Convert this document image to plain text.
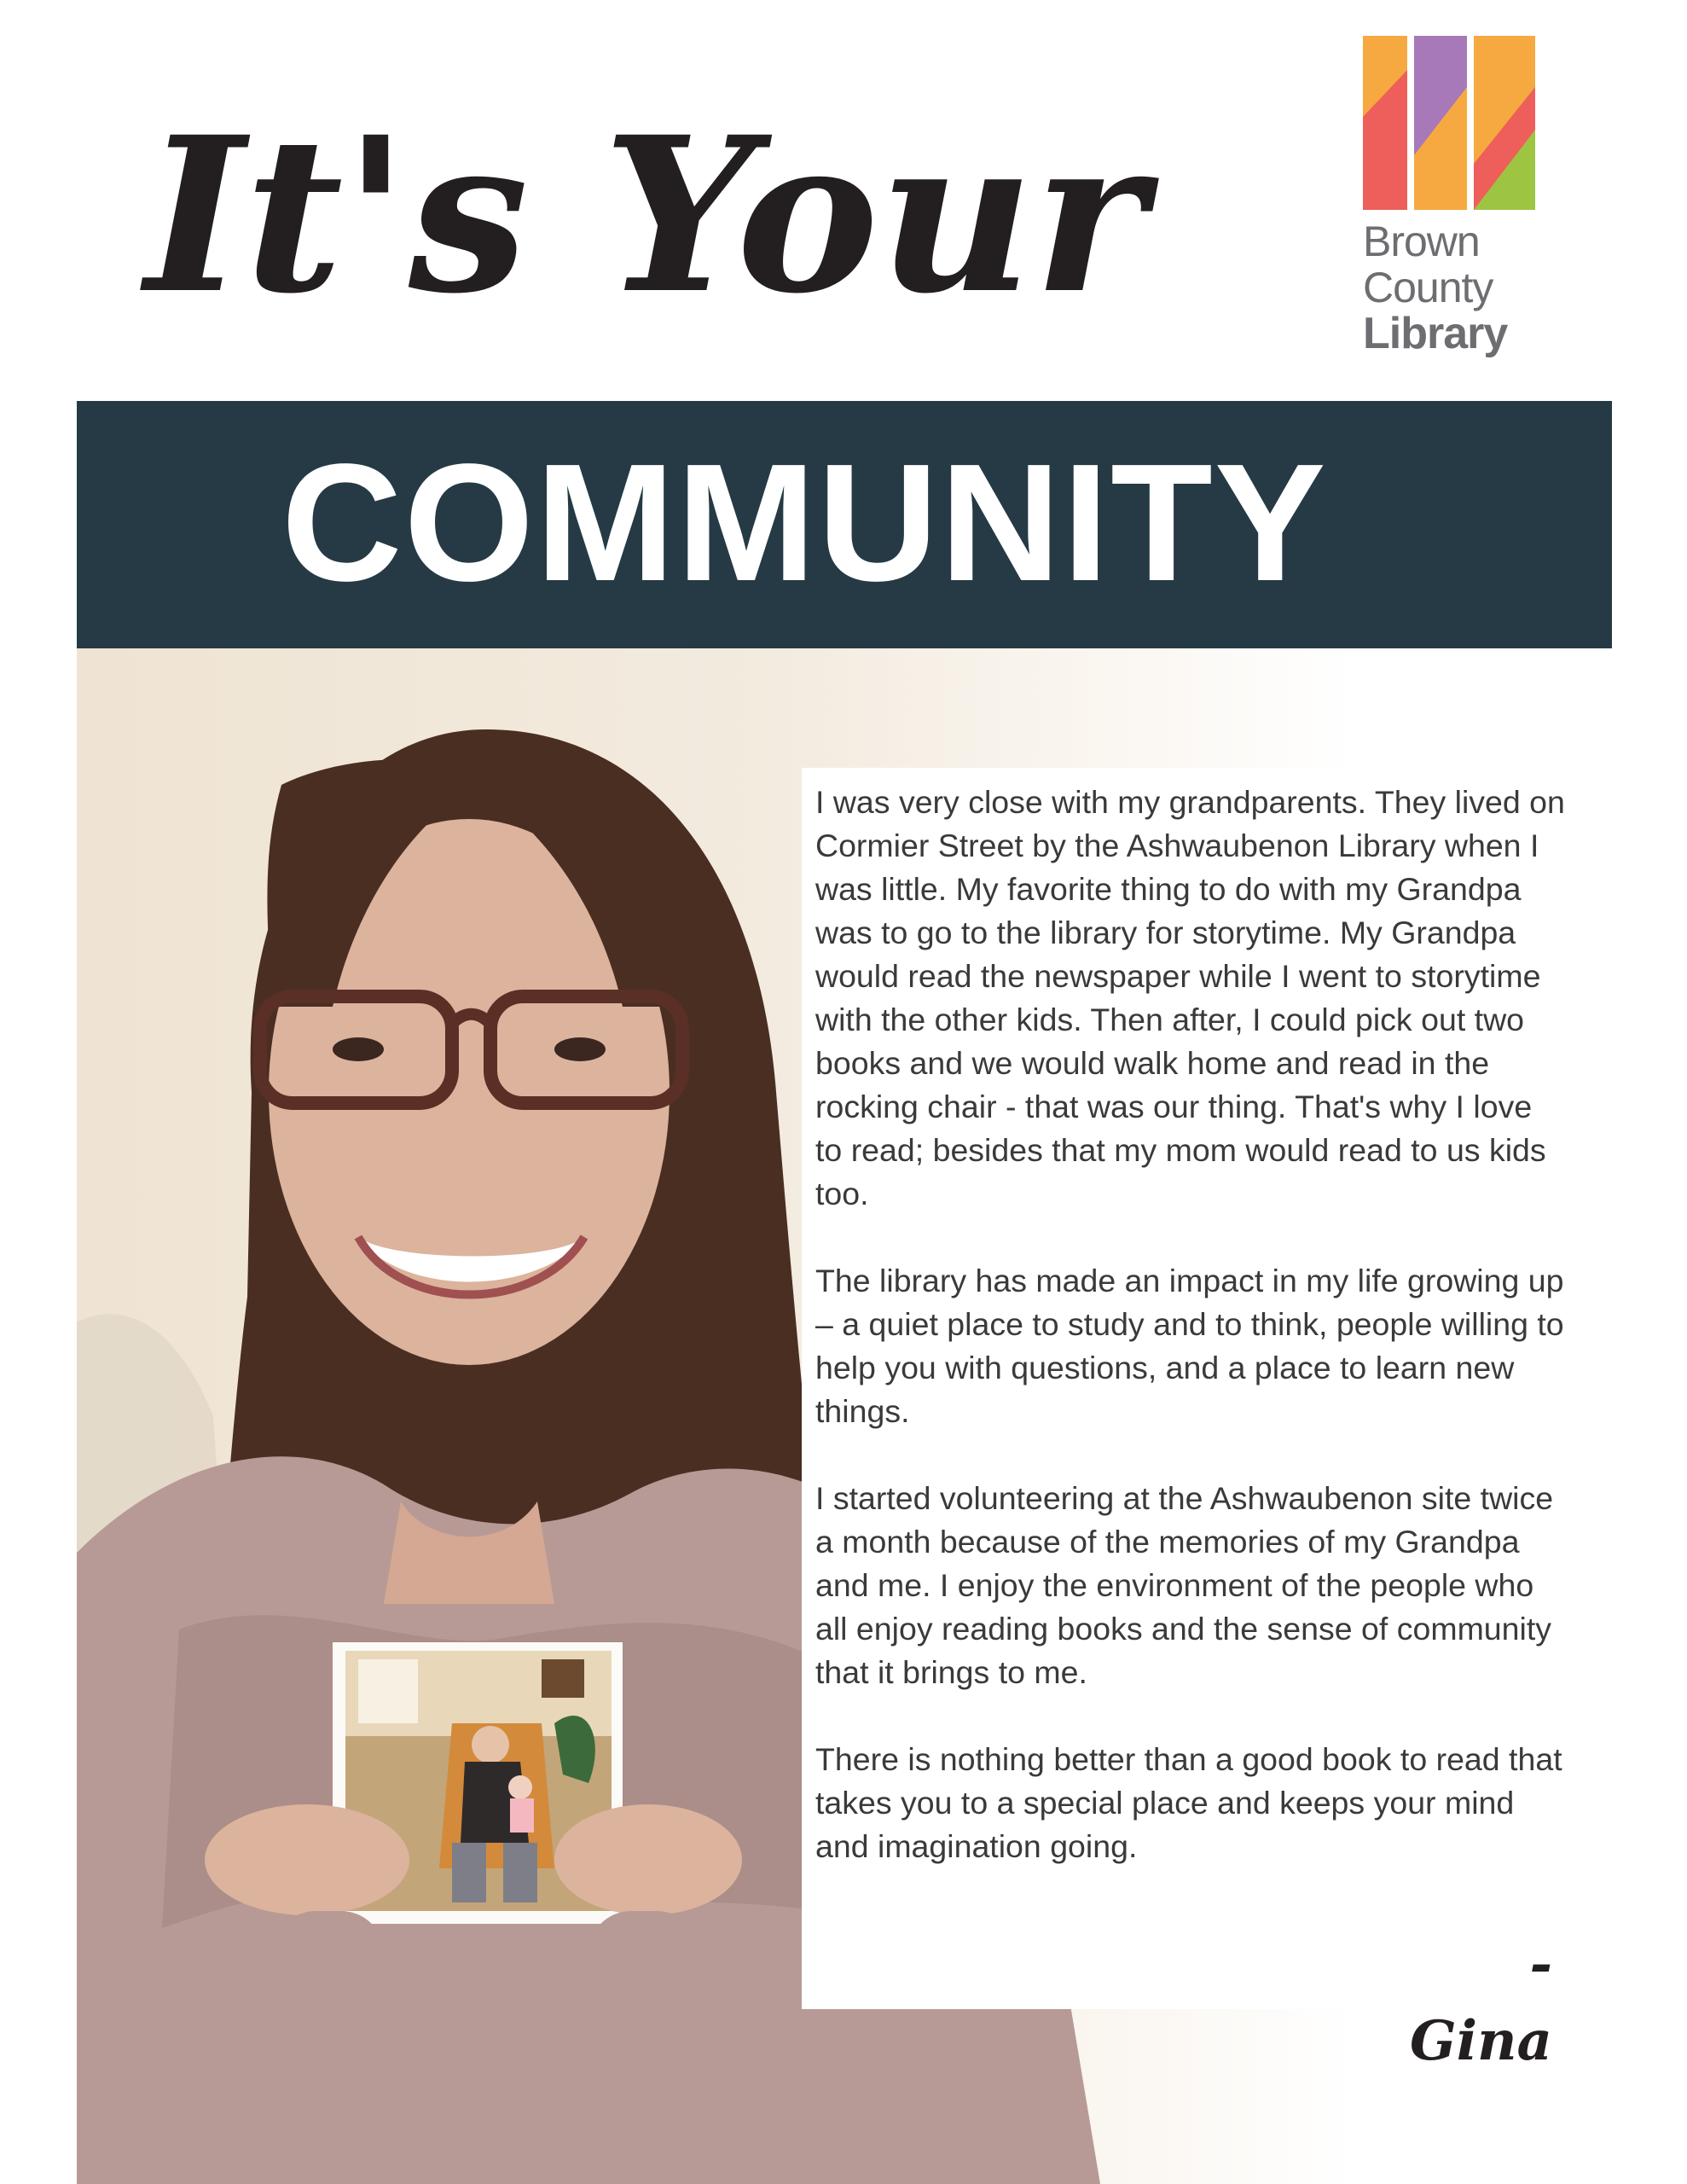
It's Your	Brown
County
Library
COMMUNITY

I was very close with my grandparents. They lived on Cormier Street by the Ashwaubenon Library when I was little. My favorite thing to do with my Grandpa was to go to the library for storytime. My Grandpa would read the newspaper while I went to storytime with the other kids. Then after, I could pick out two books and we would walk home and read in the rocking chair - that was our thing. That's why I love to read; besides that my mom would read to us kids too.

The library has made an impact in my life growing up – a quiet place to study and to think, people willing to help you with questions, and a place to learn new things.

I started volunteering at the Ashwaubenon site twice a month because of the memories of my Grandpa and me. I enjoy the environment of the people who all enjoy reading books and the sense of community that it brings to me.

There is nothing better than a good book to read that takes you to a special place and keeps your mind and imagination going.

- Gina
